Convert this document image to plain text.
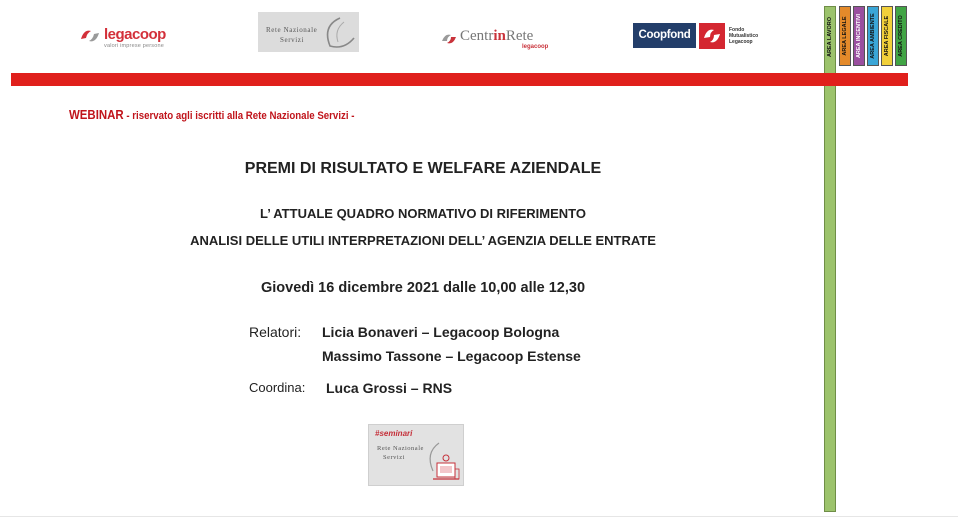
legacoop
valori imprese persone
Rete Nazionale
Servizi	CentrinRete
legacoop
Coopfond	Fondo
Mutualistico
Legacoop	AREA LAVORO AREA LEGALE AREA INCENTIVI AREA AMBIENTE AREA FISCALE AREA CREDITO
WEBINAR - riservato agli iscritti alla Rete Nazionale Servizi -
PREMI DI RISULTATO E WELFARE AZIENDALE
L’ ATTUALE QUADRO NORMATIVO DI RIFERIMENTO
ANALISI DELLE UTILI INTERPRETAZIONI DELL’ AGENZIA DELLE ENTRATE
Giovedì 16 dicembre 2021 dalle 10,00 alle 12,30
Relatori: Licia Bonaveri – Legacoop Bologna
Massimo Tassone – Legacoop Estense
Coordina: Luca Grossi – RNS
#seminari
Rete Nazionale
Servizi
